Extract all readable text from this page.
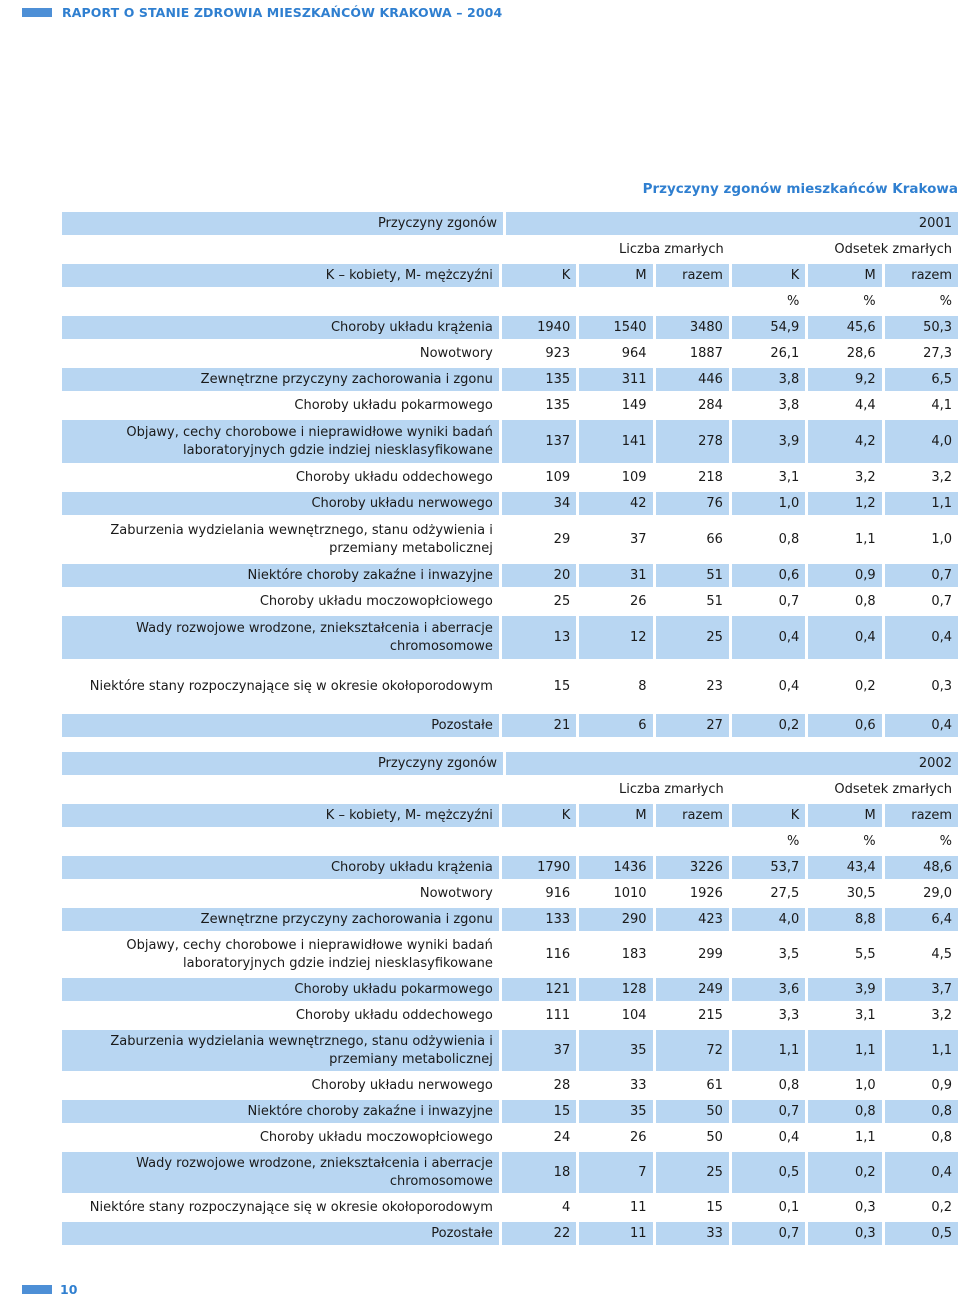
RAPORT O STANIE ZDROWIA MIESZKAŃCÓW KRAKOWA – 2004
Przyczyny zgonów mieszkańców Krakowa
Przyczyny zgonów	2001
Liczba zmarłych	Odsetek zmarłych
K – kobiety, M- mężczyźni	K	M	razem	K	M	razem
%	%	%
Choroby układu krążenia	1940	1540	3480	54,9	45,6	50,3
Nowotwory	923	964	1887	26,1	28,6	27,3
Zewnętrzne przyczyny zachorowania i zgonu	135	311	446	3,8	9,2	6,5
Choroby układu pokarmowego	135	149	284	3,8	4,4	4,1
Objawy, cechy chorobowe i nieprawidłowe wyniki badań laboratoryjnych gdzie indziej niesklasyfikowane
137	141	278	3,9	4,2	4,0
Choroby układu oddechowego	109	109	218	3,1	3,2	3,2
Choroby układu nerwowego	34	42	76	1,0	1,2	1,1
Zaburzenia wydzielania wewnętrznego, stanu odżywienia i przemiany metabolicznej
29	37	66	0,8	1,1	1,0
Niektóre choroby zakaźne i inwazyjne	20	31	51	0,6	0,9	0,7
Choroby układu moczowopłciowego	25	26	51	0,7	0,8	0,7
Wady rozwojowe wrodzone, zniekształcenia i aberracje chromosomowe
13	12	25	0,4	0,4	0,4
Niektóre stany rozpoczynające się w okresie okołoporodowym	15	8	23	0,4	0,2	0,3
Pozostałe	21	6	27	0,2	0,6	0,4
Przyczyny zgonów	2002
Liczba zmarłych	Odsetek zmarłych
K – kobiety, M- mężczyźni	K	M	razem	K	M	razem
%	%	%
Choroby układu krążenia	1790	1436	3226	53,7	43,4	48,6
Nowotwory	916	1010	1926	27,5	30,5	29,0
Zewnętrzne przyczyny zachorowania i zgonu	133	290	423	4,0	8,8	6,4
Objawy, cechy chorobowe i nieprawidłowe wyniki badań laboratoryjnych gdzie indziej niesklasyfikowane
116	183	299	3,5	5,5	4,5
Choroby układu pokarmowego	121	128	249	3,6	3,9	3,7
Choroby układu oddechowego	111	104	215	3,3	3,1	3,2
Zaburzenia wydzielania wewnętrznego, stanu odżywienia i przemiany metabolicznej
37	35	72	1,1	1,1	1,1
Choroby układu nerwowego	28	33	61	0,8	1,0	0,9
Niektóre choroby zakaźne i inwazyjne	15	35	50	0,7	0,8	0,8
Choroby układu moczowopłciowego	24	26	50	0,4	1,1	0,8
Wady rozwojowe wrodzone, zniekształcenia i aberracje chromosomowe
18	7	25	0,5	0,2	0,4
Niektóre stany rozpoczynające się w okresie okołoporodowym	4	11	15	0,1	0,3	0,2
Pozostałe	22	11	33	0,7	0,3	0,5
10
